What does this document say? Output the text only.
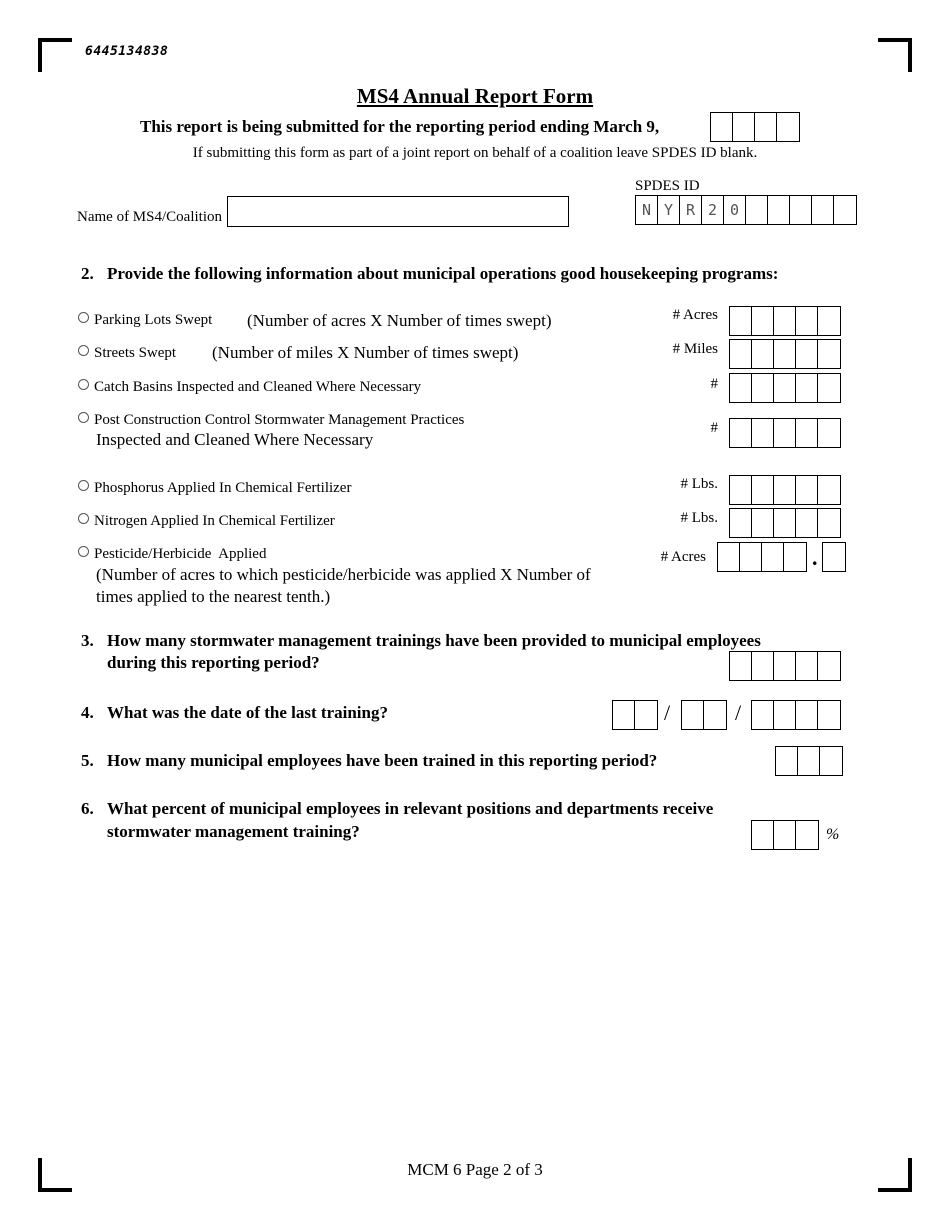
6445134838
MS4 Annual Report Form
This report is being submitted for the reporting period ending March 9,
If submitting this form as part of a joint report on behalf of a coalition leave SPDES ID blank.
SPDES ID
Name of MS4/Coalition	N Y R 2 0
2. Provide the following information about municipal operations good housekeeping programs:
Parking Lots Swept (Number of acres X Number of times swept)	# Acres
Streets Swept (Number of miles X Number of times swept)	# Miles
Catch Basins Inspected and Cleaned Where Necessary	#
Post Construction Control Stormwater Management Practices
Inspected and Cleaned Where Necessary
#
Phosphorus Applied In Chemical Fertilizer	# Lbs.
Nitrogen Applied In Chemical Fertilizer	# Lbs.
Pesticide/Herbicide  Applied
(Number of acres to which pesticide/herbicide was applied X Number of
times applied to the nearest tenth.)
# Acres	.
3. How many stormwater management trainings have been provided to municipal employees
during this reporting period?
4. What was the date of the last training?	/	/
5. How many municipal employees have been trained in this reporting period?
6. What percent of municipal employees in relevant positions and departments receive
stormwater management training?	%
MCM 6 Page 2 of 3
